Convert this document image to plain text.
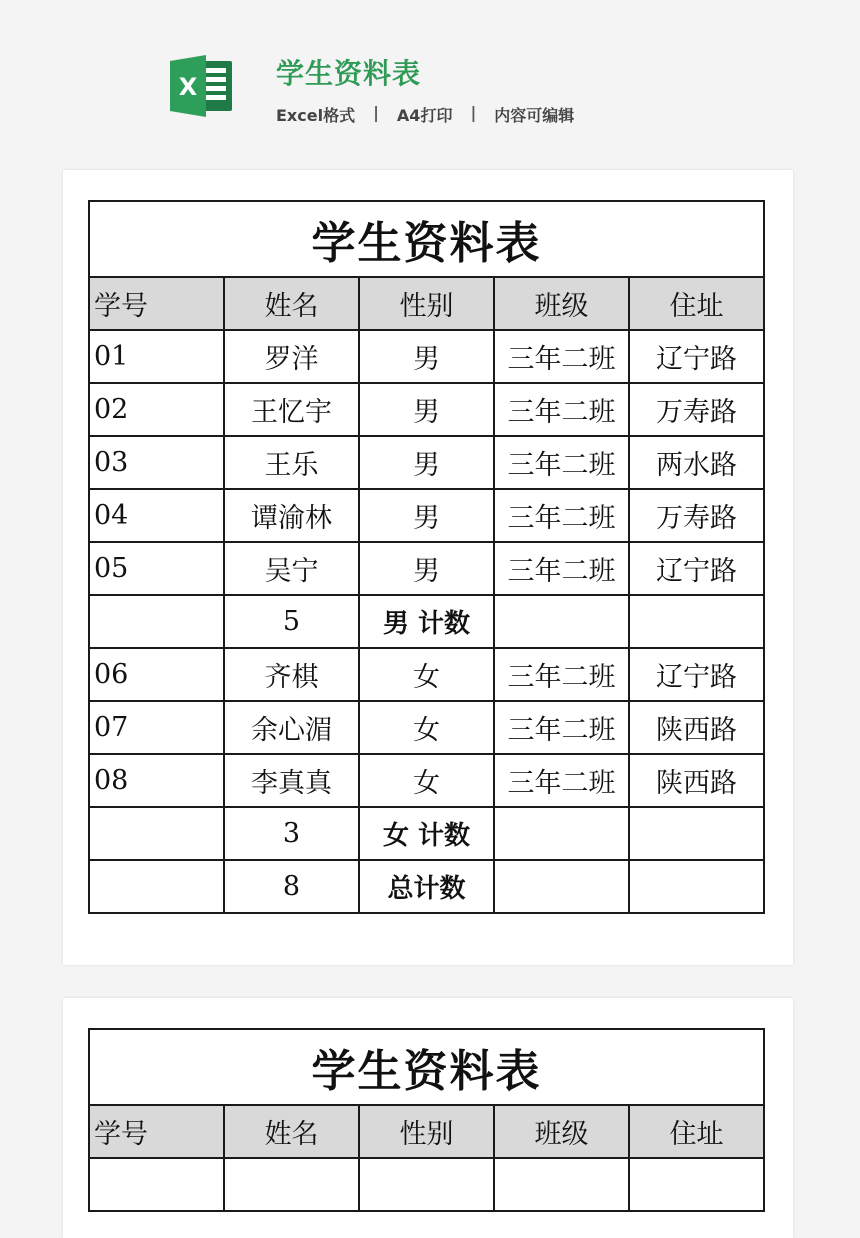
X	学生资料表
Excel格式 | A4打印 | 内容可编辑
学生资料表				
学号	姓名	性别	班级	住址
01	罗洋	男	三年二班	辽宁路
02	王忆宇	男	三年二班	万寿路
03	王乐	男	三年二班	两水路
04	谭渝林	男	三年二班	万寿路
05	吴宁	男	三年二班	辽宁路
	5	男 计数		
06	齐棋	女	三年二班	辽宁路
07	余心湄	女	三年二班	陕西路
08	李真真	女	三年二班	陕西路
	3	女 计数		
	8	总计数		
学生资料表				
学号	姓名	性别	班级	住址
